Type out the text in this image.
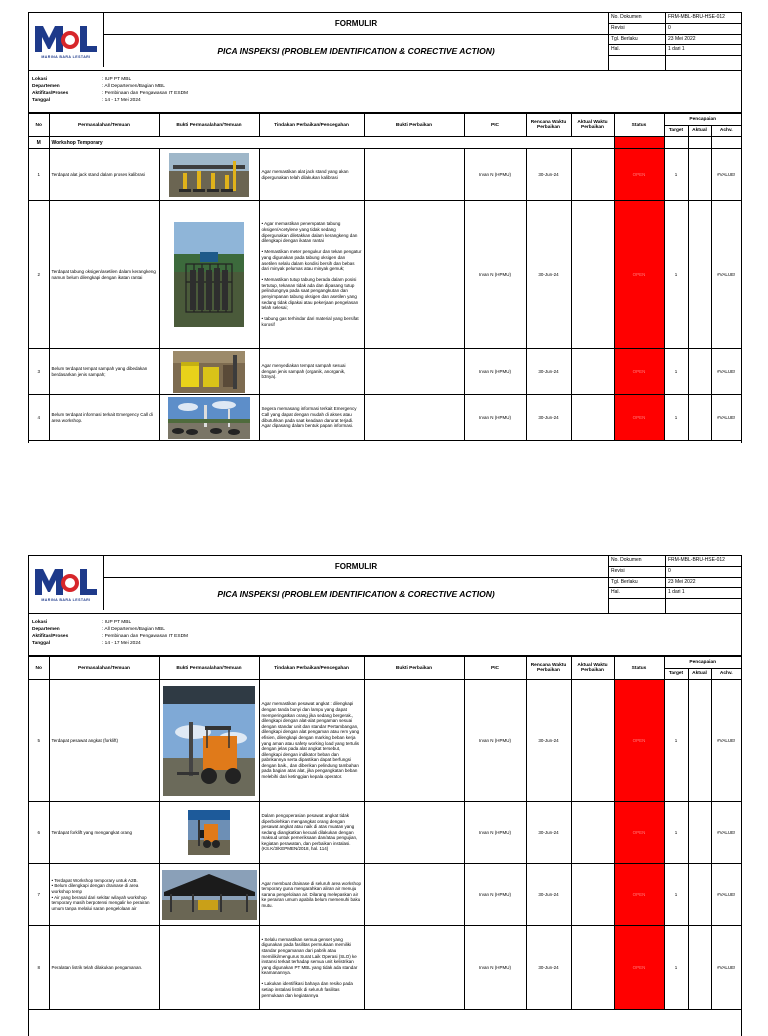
MARINA BARA LESTARI
FORMULIR
PICA INSPEKSI (PROBLEM IDENTIFICATION & CORECTIVE ACTION)
No. Dokumen
Revisi
Tgl. Berlaku
Hal.
FRM-MBL-BRU-HSE-012
0
23 Mei 2022
1 dari 1
Lokasi	: IUP PT MBL
Departemen	: All Departemen/Bagian MBL
Aktifitas/Proses	: Pembinaan dan Pengawasan IT ESDM
Tanggal	: 14 - 17 Mei 2024
No	Permasalahan/Temuan	Bukti Permasalahan/Temuan	Tindakan Perbaikan/Pencegahan	Bukti Perbaikan	PIC	Rencana Waktu Perbaikan	Aktual Waktu Perbaikan	Status	Pencapaian		
									Target	Aktual	Achv.
M	Workshop Temporary										
1	Terdapat alat jack stand dalam proses kalibrasi		Agar memastikan alat jack stand yang akan dipergunakan telah dilakukan kalibrasi		Irvan N (HPMU)	30-Jun-24		OPEN	1		#VALUE!
2	Terdapat tabung oksigen/asetilen dalam kerangkeng namun belum dilengkapi dengan ikatan rantai		• Agar memastikan penempatan tabung oksigen/Acetylene yang tidak sedang dipergunakan diletakkan dalam kerangkeng dan dilengkapi dengan ikatan rantai

• Memastikan meter pengukur dan tekan pengatur yang digunakan pada tabung oksigen dan asetilen selalu dalam kondisi bersih dan bebas dari minyak pelumas atau minyak gemuk;

• Memastikan tutup tabung berada dalam posisi tertutup, tekanan tidak ada dan dipasang tutup pelindungnya pada saat pengangkutan dan penyimpanan tabung oksigen dan asetilen yang sedang tidak dipakai atau pekerjaan pengelasan telah selesai;

• tabung gas terhindar dari material yang bersifat korosif		Irvan N (HPMU)	30-Jun-24		OPEN	1		#VALUE!
3	Belum terdapat tempat sampah yang dibedakan berdasarkan jenis sampah;		Agar menyediakan tempat sampah sesuai dengan jenis sampah (organik, anorganik, b3nya).		Irvan N (HPMU)	30-Jun-24		OPEN	1		#VALUE!
4	Belum terdapat informasi terkait Emergency Call di area workshop.		Segera memasang informasi terkait Emergency Call yang dapat dengan mudah di akses atau dibutuhkan pada saat keadaan darurat terjadi. Agar dipasang dalam bentuk papan informasi.		Irvan N (HPMU)	30-Jun-24		OPEN	1		#VALUE!
MARINA BARA LESTARI
FORMULIR
PICA INSPEKSI (PROBLEM IDENTIFICATION & CORECTIVE ACTION)
No. Dokumen
Revisi
Tgl. Berlaku
Hal.
FRM-MBL-BRU-HSE-012
0
23 Mei 2022
1 dari 1
Lokasi	: IUP PT MBL
Departemen	: All Departemen/Bagian MBL
Aktifitas/Proses	: Pembinaan dan Pengawasan IT ESDM
Tanggal	: 14 - 17 Mei 2024
No	Permasalahan/Temuan	Bukti Permasalahan/Temuan	Tindakan Perbaikan/Pencegahan	Bukti Perbaikan	PIC	Rencana Waktu Perbaikan	Aktual Waktu Perbaikan	Status	Pencapaian		
									Target	Aktual	Achv.
5	Terdapat pesawat angkat (forklift)		Agar memastikan pesawat angkat : dilengkapi dengan tanda bunyi dan lampu yang dapat memperingatkan orang jika sedang bergerak., dilengkapi dengan alat-alat pengaman sesuai dengan standar unit dan standar Pertambangan, dilengkapi dengan alat pengaman atau rem yang efisien, dilengkapi dengan marking beban kerja yang aman atau safety working load yang tertulis dengan jelas pada alat angkat tersebut, dilengkapi dengan indikator beban dan pabrikannya serta dipastikan dapat berfungsi dengan baik., dan diberikan pelindung tambahan pada bagian atas alat, jika pengangkatan beban melebihi dari ketinggian kepala operator.		Irvan N (HPMU)	30-Jun-24		OPEN	1		#VALUE!
6	Terdapat forklift yang mengangkat orang		Dalam pengoperasian pesawat angkat tidak diperbolehkan mengangkat orang dengan pesawat angkat atau naik di atas muatan yang sedang diangkatkan kecuali dilakukan dengan maksud untuk pemeriksaan dan/atau pengujian, kegiatan perawatan, dan perbaikan instalasi. (KS.K/3/KEPMEN/2018, hal. 114)		Irvan N (HPMU)	30-Jun-24		OPEN	1		#VALUE!
7	• Terdapat Workshop temporary untuk A2B.
• Belum dilengkapi dengan drainase di area workshop temp
• Air yang berasal dari sekitar wilayah workshop temporary masih berpotensi mengalir ke perairan umum tanpa melalui saran pengelolaan air		Agar membuat drainase di seluruh area workshop temporary guna mengarahkan aliran air menuju sarana pengelolaan air. Dilarang melepaskan air ke perairan umum apabila belum memenuhi baku mutu.		Irvan N (HPMU)	30-Jun-24		OPEN	1		#VALUE!
8	Peralatan listrik telah dilakukan pengamanan.		• Selalu memastikan semua genset yang digunakan pada fasilitas permukaan memiliki standar pengamanan dari pabrik atau memiliki/mengurus Surat Laik Operasi (SLO) ke instansi terkait terhadap semua unit kelistrikan yang digunakan PT MBL yang tidak ada standar keamanannya.

• Lakukan identifikasi bahaya dan resiko pada setiap instalasi listrik di seluruh fasilitas permukaan dan kegiatannya		Irvan N (HPMU)	30-Jun-24		OPEN	1		#VALUE!
